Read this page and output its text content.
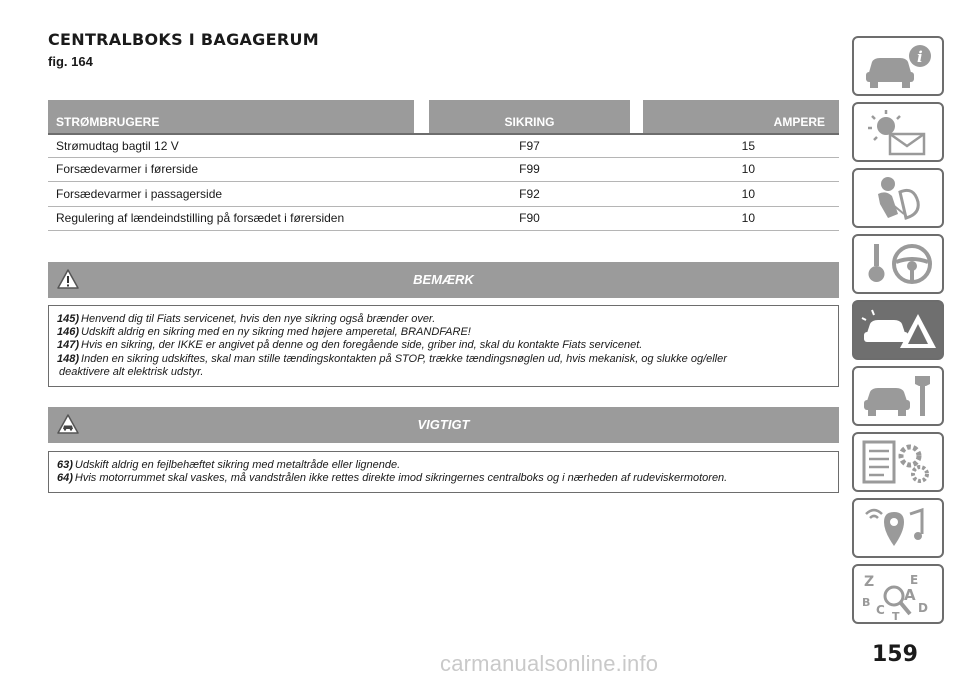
CENTRALBOKS I BAGAGERUM
fig. 164
STRØMBRUGERE	SIKRING	AMPERE
Strømudtag bagtil 12 V	F97	15
Forsædevarmer i førerside	F99	10
Forsædevarmer i passagerside	F92	10
Regulering af lændeindstilling på forsædet i førersiden	F90	10
BEMÆRK
145) Henvend dig til Fiats servicenet, hvis den nye sikring også brænder over.
146) Udskift aldrig en sikring med en ny sikring med højere amperetal, BRANDFARE!
147) Hvis en sikring, der IKKE er angivet på denne og den foregående side, griber ind, skal du kontakte Fiats servicenet.
148) Inden en sikring udskiftes, skal man stille tændingskontakten på STOP, trække tændingsnøglen ud, hvis mekanisk, og slukke og/eller
deaktivere alt elektrisk udstyr.
VIGTIGT
63) Udskift aldrig en fejlbehæftet sikring med metaltråde eller lignende.
64) Hvis motorrummet skal vaskes, må vandstrålen ikke rettes direkte imod sikringernes centralboks og i nærheden af rudeviskermotoren.
i
Z	E
B A
D
C T
159
carmanualsonline.info
